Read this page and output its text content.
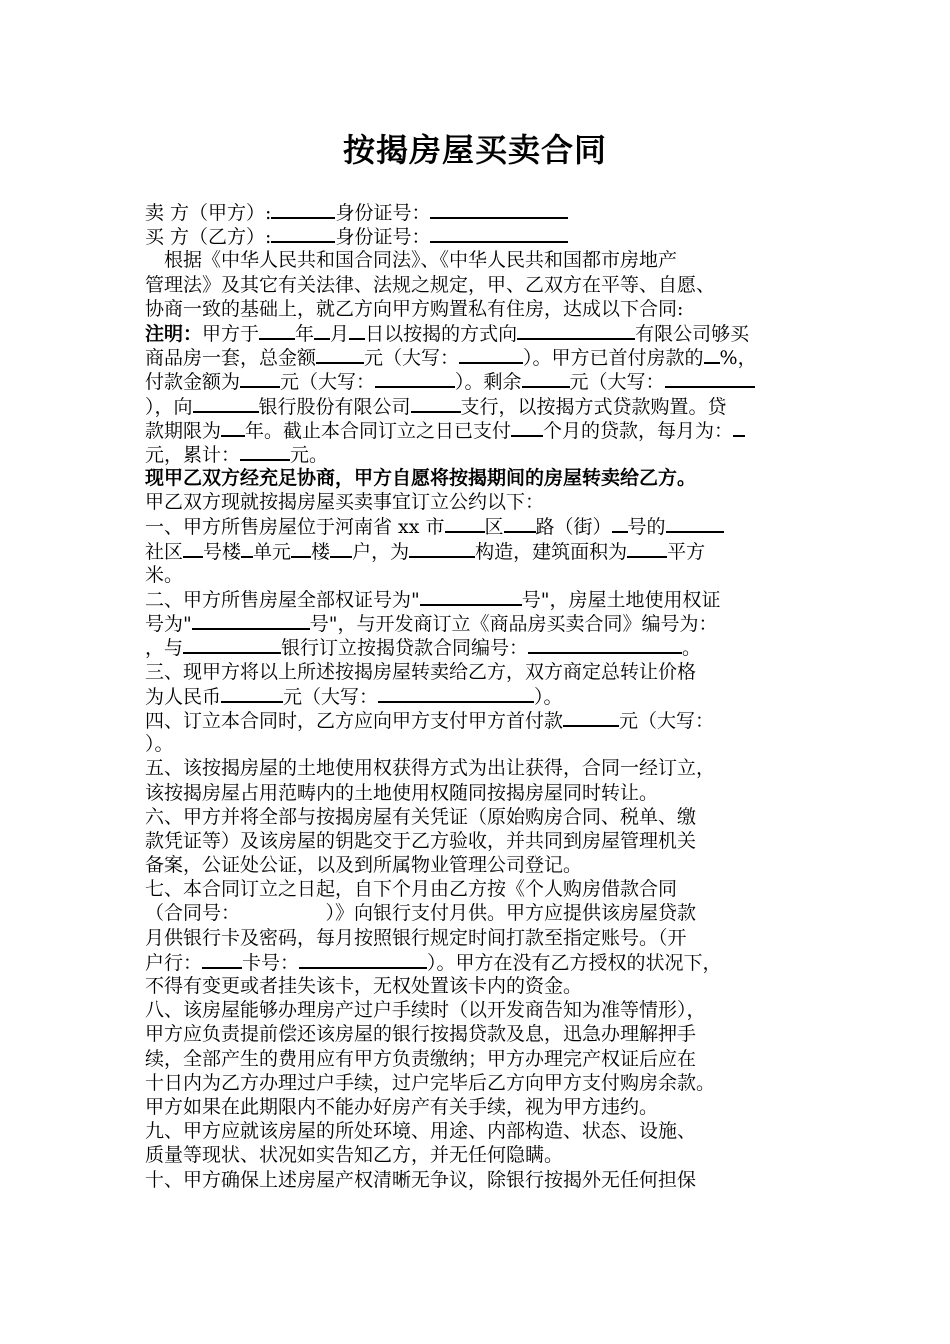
按揭房屋买卖合同
卖 方（甲方）:	身份证号：
买 方（乙方）:	身份证号：
　根据《中华人民共和国合同法》、《中华人民共和国都市房地产
管理法》及其它有关法律、法规之规定，甲、乙双方在平等、自愿、
协商一致的基础上，就乙方向甲方购置私有住房，达成以下合同:
注明：甲方于 年 月 日以按揭的方式向	有限公司够买
商品房一套，总金额	元（大写：	）。甲方已首付房款的 %，
付款金额为 元（大写：	）。剩余	元（大写：
），向	银行股份有限公司	支行，以按揭方式贷款购置。贷
款期限为 年。截止本合同订立之日已支付 个月的贷款，每月为：
元，累计：	元。
现甲乙双方经充足协商，甲方自愿将按揭期间的房屋转卖给乙方。
甲乙双方现就按揭房屋买卖事宜订立公约以下：
一、甲方所售房屋位于河南省 xx 市 区 路（街） 号的
社区 号楼 单元 楼 户，为	构造，建筑面积为 平方
米。
二、甲方所售房屋全部权证号为"	号"，房屋土地使用权证
号为"	号"，与开发商订立《商品房买卖合同》编号为：
，与	银行订立按揭贷款合同编号：	。
三、现甲方将以上所述按揭房屋转卖给乙方，双方商定总转让价格
为人民币	元（大写：	）。
四、订立本合同时，乙方应向甲方支付甲方首付款	元（大写：
）。
五、该按揭房屋的土地使用权获得方式为出让获得，合同一经订立，
该按揭房屋占用范畴内的土地使用权随同按揭房屋同时转让。
六、甲方并将全部与按揭房屋有关凭证（原始购房合同、税单、缴
款凭证等）及该房屋的钥匙交于乙方验收，并共同到房屋管理机关
备案，公证处公证，以及到所属物业管理公司登记。
七、本合同订立之日起，自下个月由乙方按《个人购房借款合同
（合同号：　　　　　）》向银行支付月供。甲方应提供该房屋贷款
月供银行卡及密码，每月按照银行规定时间打款至指定账号。（开
户行： 卡号：	）。甲方在没有乙方授权的状况下，
不得有变更或者挂失该卡，无权处置该卡内的资金。
八、该房屋能够办理房产过户手续时（以开发商告知为准等情形），
甲方应负责提前偿还该房屋的银行按揭贷款及息，迅急办理解押手
续，全部产生的费用应有甲方负责缴纳；甲方办理完产权证后应在
十日内为乙方办理过户手续，过户完毕后乙方向甲方支付购房余款。
甲方如果在此期限内不能办好房产有关手续，视为甲方违约。
九、甲方应就该房屋的所处环境、用途、内部构造、状态、设施、
质量等现状、状况如实告知乙方，并无任何隐瞒。
十、甲方确保上述房屋产权清晰无争议，除银行按揭外无任何担保
